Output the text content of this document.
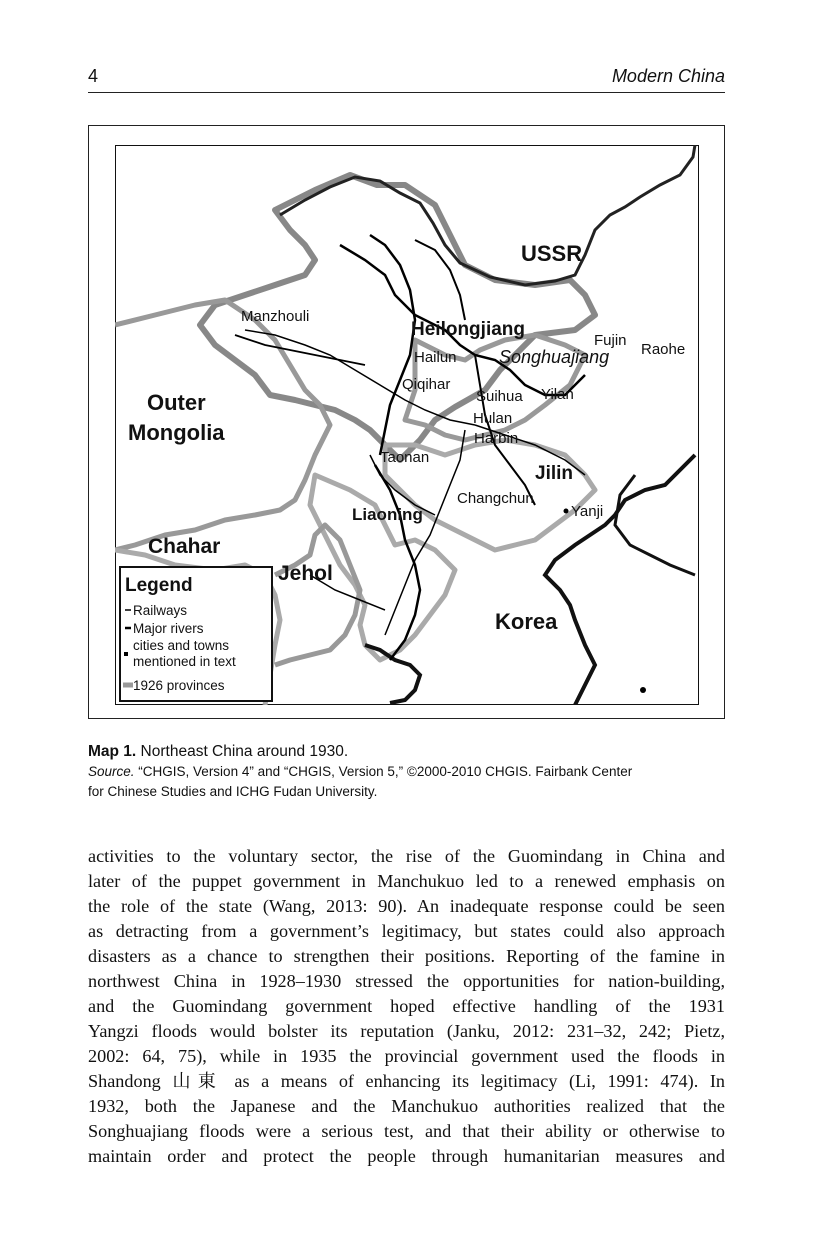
4	Modern China
USSR
Heilongjiang
Songhuajiang
Outer
Mongolia
Chahar
Jehol
Liaoning
Jilin
Korea
Manzhouli
Hailun
Qiqihar
Suihua Yilan
Fujin
Raohe
Hulan
Harbin
Taonan
Changchun
Yanji
Legend
Railways
Major rivers
cities and towns
mentioned in text
1926 provinces
Map 1. Northeast China around 1930.
Source. “CHGIS, Version 4” and “CHGIS, Version 5,” ©2000-2010 CHGIS. Fairbank Center
for Chinese Studies and ICHG Fudan University.
activities to the voluntary sector, the rise of the Guomindang in China and
later of the puppet government in Manchukuo led to a renewed emphasis on
the role of the state (Wang, 2013: 90). An inadequate response could be seen
as detracting from a government’s legitimacy, but states could also approach
disasters as a chance to strengthen their positions. Reporting of the famine in
northwest China in 1928–1930 stressed the opportunities for nation-building,
and the Guomindang government hoped effective handling of the 1931
Yangzi floods would bolster its reputation (Janku, 2012: 231–32, 242; Pietz,
2002: 64, 75), while in 1935 the provincial government used the floods in
Shandong 山東 as a means of enhancing its legitimacy (Li, 1991: 474). In
1932, both the Japanese and the Manchukuo authorities realized that the
Songhuajiang floods were a serious test, and that their ability or otherwise to
maintain order and protect the people through humanitarian measures and
